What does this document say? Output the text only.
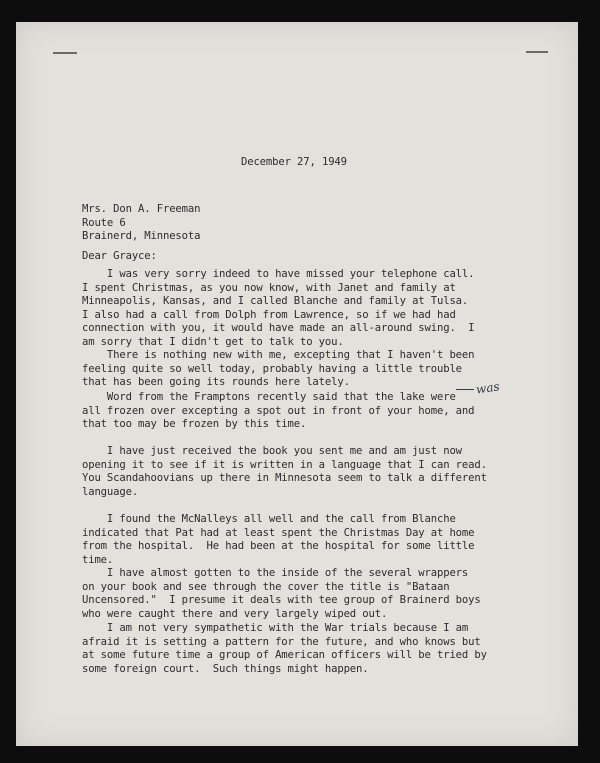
December 27, 1949
Mrs. Don A. Freeman
Route 6
Brainerd, Minnesota
Dear Grayce:
I was very sorry indeed to have missed your telephone call.
I spent Christmas, as you now know, with Janet and family at
Minneapolis, Kansas, and I called Blanche and family at Tulsa.
I also had a call from Dolph from Lawrence, so if we had had
connection with you, it would have made an all-around swing.  I
am sorry that I didn't get to talk to you.
There is nothing new with me, excepting that I haven't been
feeling quite so well today, probably having a little trouble
that has been going its rounds here lately.
Word from the Framptons recently said that the lake were
all frozen over excepting a spot out in front of your home, and
that too may be frozen by this time.
I have just received the book you sent me and am just now
opening it to see if it is written in a language that I can read.
You Scandahoovians up there in Minnesota seem to talk a different
language.
I found the McNalleys all well and the call from Blanche
indicated that Pat had at least spent the Christmas Day at home
from the hospital.  He had been at the hospital for some little
time.
I have almost gotten to the inside of the several wrappers
on your book and see through the cover the title is "Bataan
Uncensored."  I presume it deals with tee group of Brainerd boys
who were caught there and very largely wiped out.
I am not very sympathetic with the War trials because I am
afraid it is setting a pattern for the future, and who knows but
at some future time a group of American officers will be tried by
some foreign court.  Such things might happen.
was
